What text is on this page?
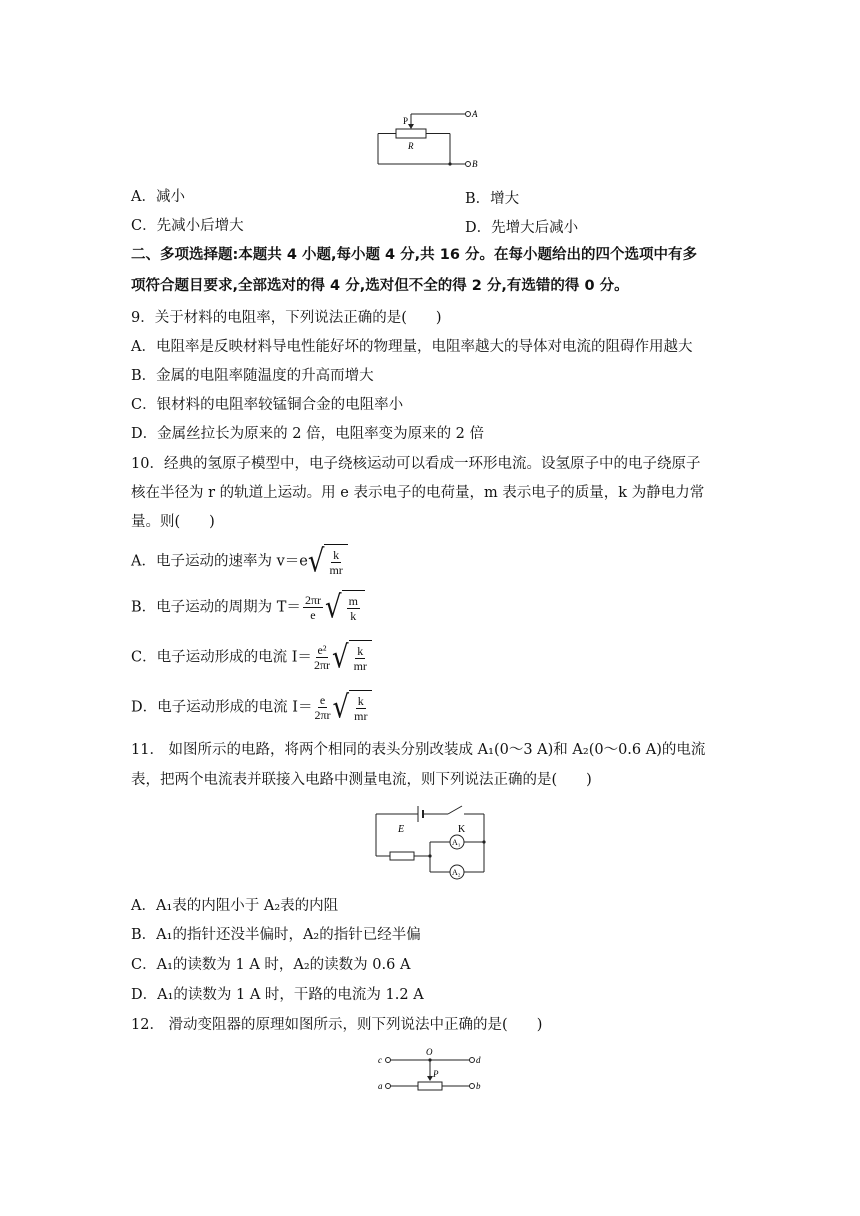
P
R
A
B
A．减小	B．增大
C．先减小后增大	D．先增大后减小
二、多项选择题:本题共 4 小题,每小题 4 分,共 16 分。在每小题给出的四个选项中有多
项符合题目要求,全部选对的得 4 分,选对但不全的得 2 分,有选错的得 0 分。
9．关于材料的电阻率，下列说法正确的是(　　)
A．电阻率是反映材料导电性能好坏的物理量，电阻率越大的导体对电流的阻碍作用越大
B．金属的电阻率随温度的升高而增大
C．银材料的电阻率较锰铜合金的电阻率小
D．金属丝拉长为原来的 2 倍，电阻率变为原来的 2 倍
10．经典的氢原子模型中，电子绕核运动可以看成一环形电流。设氢原子中的电子绕原子
核在半径为 r 的轨道上运动。用 e 表示电子的电荷量，m 表示电子的质量，k 为静电力常
量。则(　　)
A．电子运动的速率为 v＝e √ $\frac{k}{mr}$
B．电子运动的周期为 $T= \frac{2\pi r}{e}$ √ $\frac{m}{k}$
C．电子运动形成的电流 $I= \frac{\text{e²}}{2\pi r}$ √ $\frac{k}{mr}$
D．电子运动形成的电流 $I= \frac{e}{2\pi r}$ √ $\frac{k}{mr}$
11． 如图所示的电路，将两个相同的表头分别改装成 A₁(0～3 A)和 A₂(0～0.6 A)的电流
表，把两个电流表并联接入电路中测量电流，则下列说法正确的是(　　)
E	K
A₁
A₂
A．A₁表的内阻小于 A₂表的内阻
B．A₁的指针还没半偏时，A₂的指针已经半偏
C．A₁的读数为 1 A 时，A₂的读数为 0.6 A
D．A₁的读数为 1 A 时，干路的电流为 1.2 A
12． 滑动变阻器的原理如图所示，则下列说法中正确的是(　　)
O
c	d
P
a	b
